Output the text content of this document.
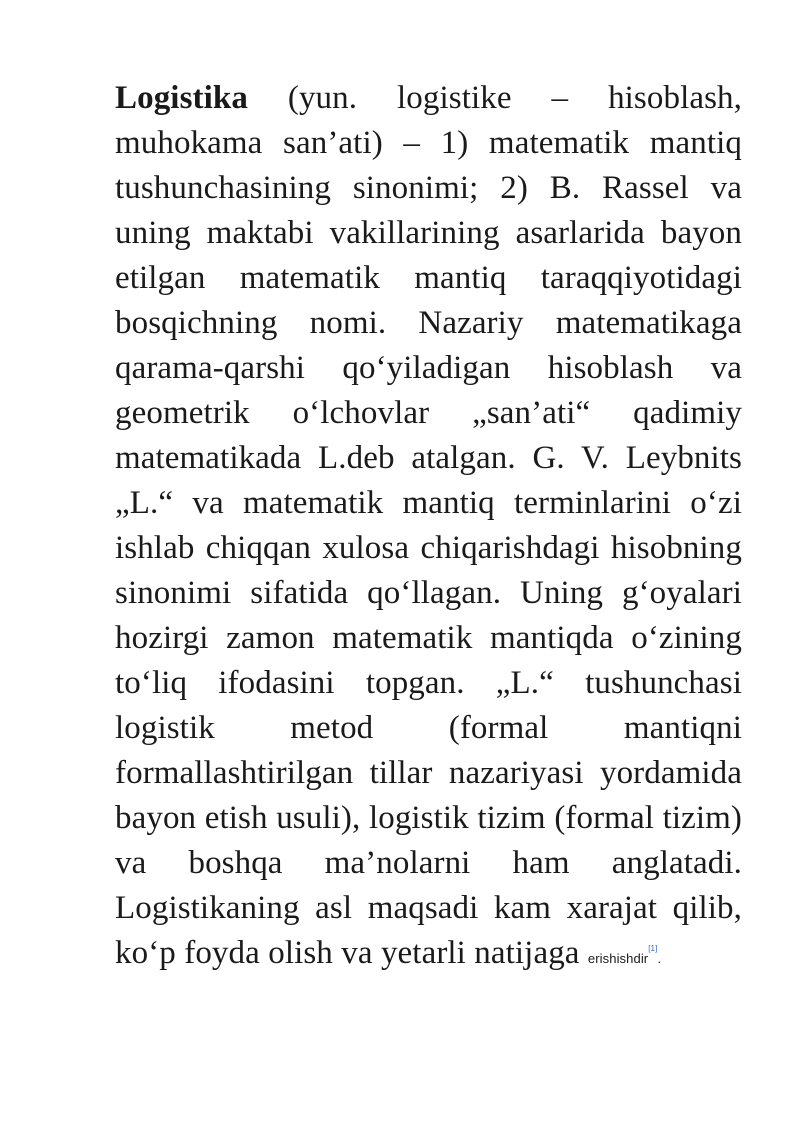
Logistika (yun. logistike – hisoblash, muhokama san’ati) – 1) matematik mantiq tushunchasining sinonimi; 2) B. Rassel va uning maktabi vakillarining asarlarida bayon etilgan matematik mantiq taraqqiyotidagi bosqichning nomi. Nazariy matematikaga qarama-qarshi qo‘yiladigan hisoblash va geometrik o‘lchovlar „san’ati“ qadimiy matematikada L.deb atalgan. G. V. Leybnits „L.“ va matematik mantiq terminlarini o‘zi ishlab chiqqan xulosa chiqarishdagi hisobning sinonimi sifatida qo‘llagan. Uning g‘oyalari hozirgi zamon matematik mantiqda o‘zining to‘liq ifodasini topgan. „L.“ tushunchasi logistik metod (formal mantiqni formallashtirilgan tillar nazariyasi yordamida bayon etish usuli), logistik tizim (formal tizim) va boshqa ma’nolarni ham anglatadi. Logistikaning asl maqsadi kam xarajat qilib, ko‘p foyda olish va yetarli natijaga erishishdir[1].
